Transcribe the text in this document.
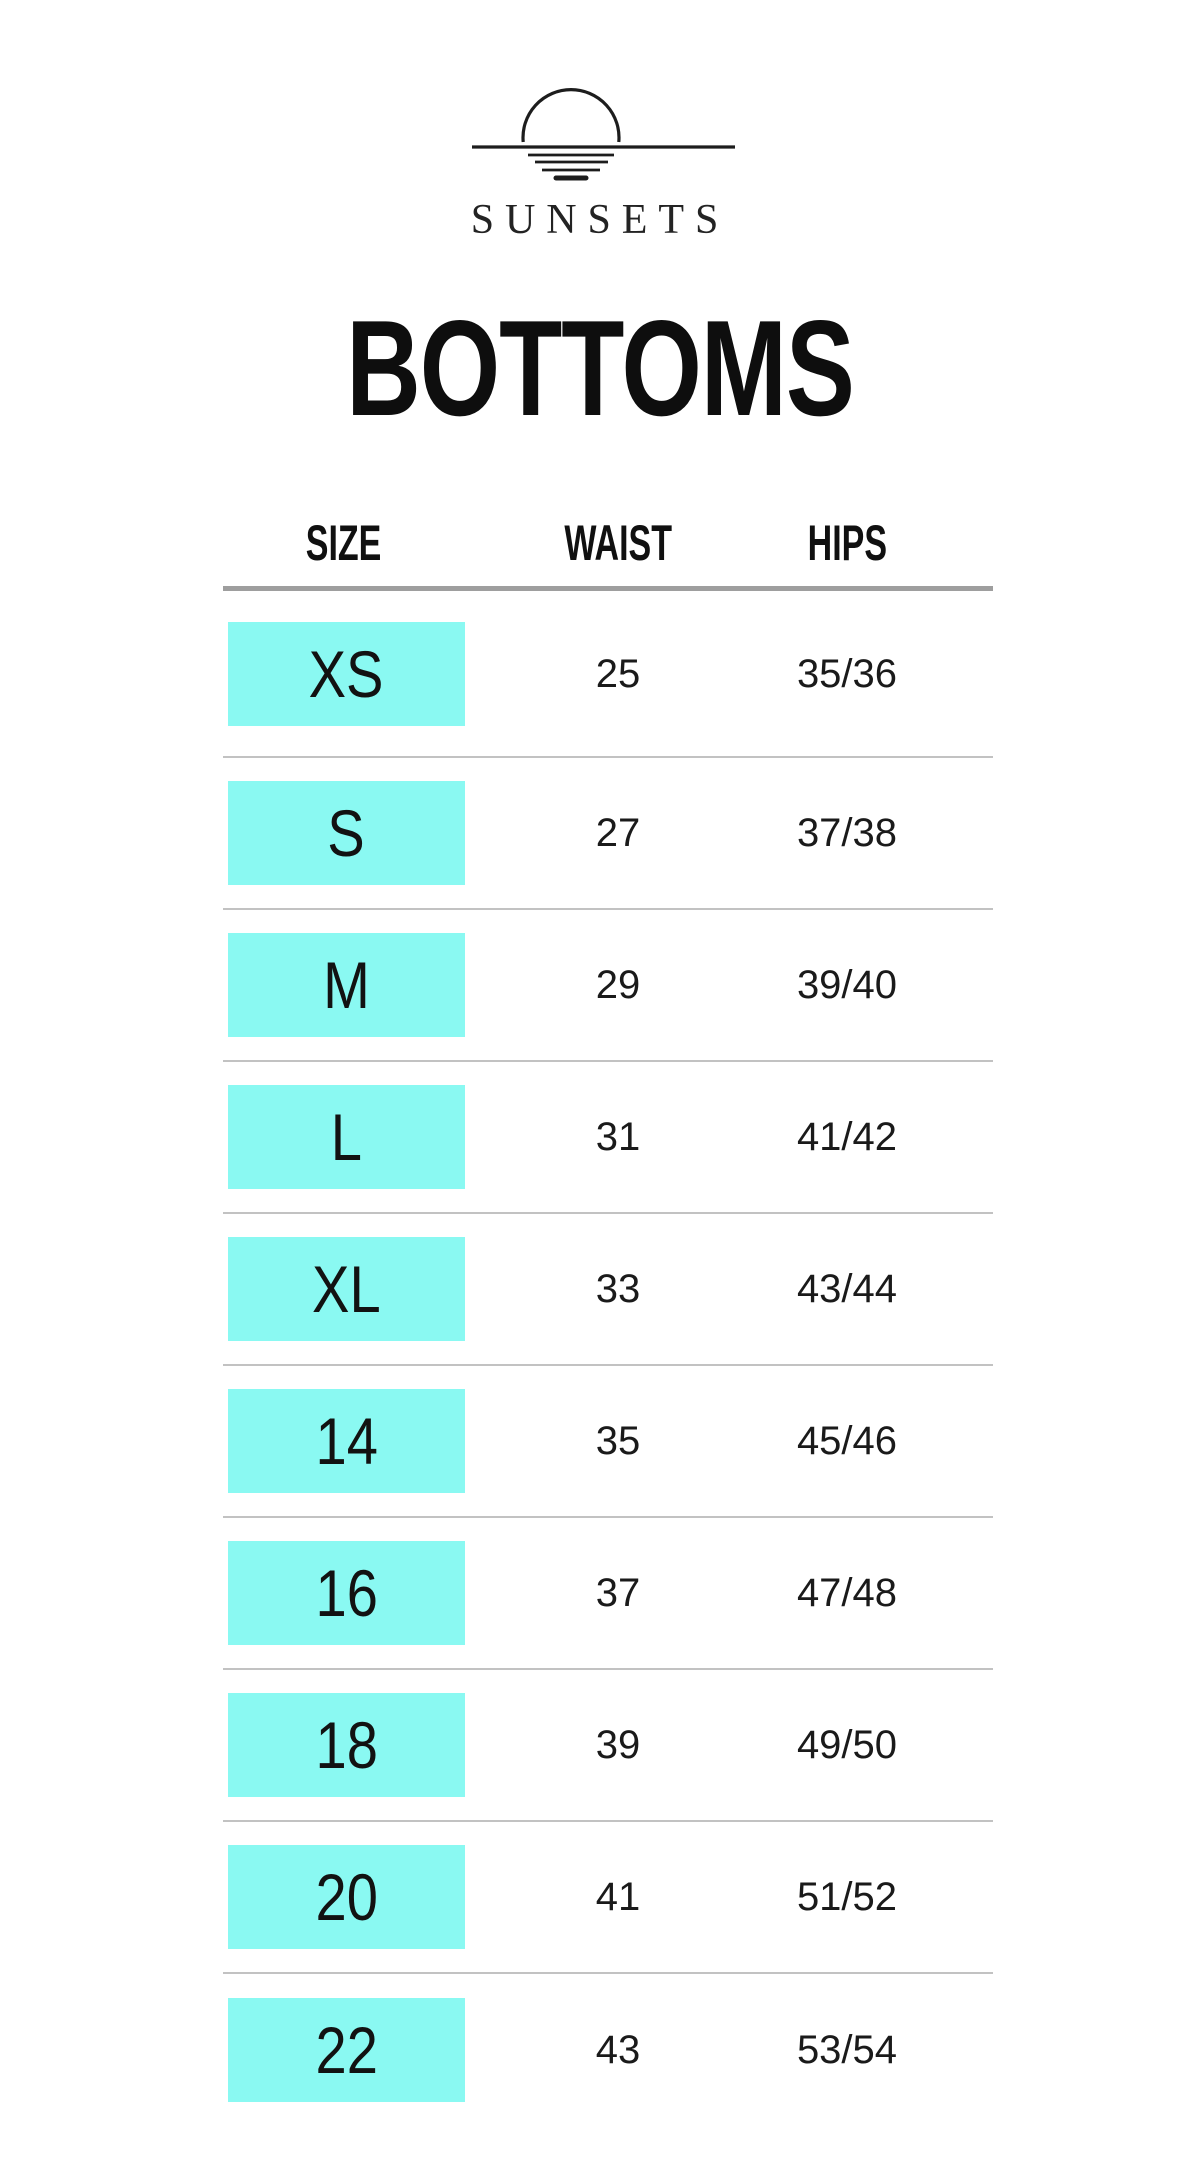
SUNSETS
BOTTOMS
SIZE	WAIST	HIPS
XS	25	35/36
S	27	37/38
M	29	39/40
L	31	41/42
XL	33	43/44
14	35	45/46
16	37	47/48
18	39	49/50
20	41	51/52
22	43	53/54
